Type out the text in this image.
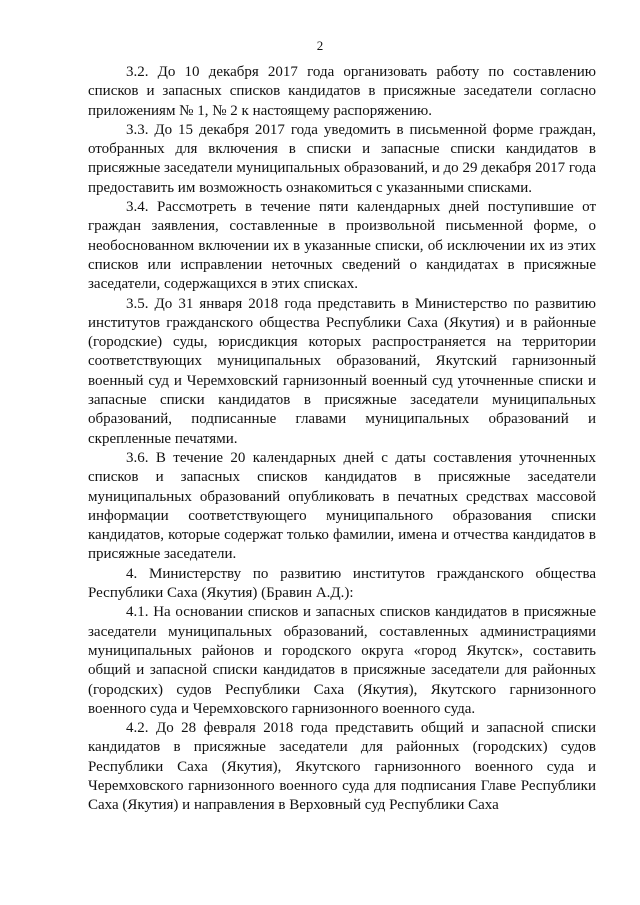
2

3.2. До 10 декабря 2017 года организовать работу по составлению списков и запасных списков кандидатов в присяжные заседатели согласно приложениям № 1, № 2 к настоящему распоряжению.

3.3. До 15 декабря 2017 года уведомить в письменной форме граждан, отобранных для включения в списки и запасные списки кандидатов в присяжные заседатели муниципальных образований, и до 29 декабря 2017 года предоставить им возможность ознакомиться с указанными списками.

3.4. Рассмотреть в течение пяти календарных дней поступившие от граждан заявления, составленные в произвольной письменной форме, о необоснованном включении их в указанные списки, об исключении их из этих списков или исправлении неточных сведений о кандидатах в присяжные заседатели, содержащихся в этих списках.

3.5. До 31 января 2018 года представить в Министерство по развитию институтов гражданского общества Республики Саха (Якутия) и в районные (городские) суды, юрисдикция которых распространяется на территории соответствующих муниципальных образований, Якутский гарнизонный военный суд и Черемховский гарнизонный военный суд уточненные списки и запасные списки кандидатов в присяжные заседатели муниципальных образований, подписанные главами муниципальных образований и скрепленные печатями.

3.6. В течение 20 календарных дней с даты составления уточненных списков и запасных списков кандидатов в присяжные заседатели муниципальных образований опубликовать в печатных средствах массовой информации соответствующего муниципального образования списки кандидатов, которые содержат только фамилии, имена и отчества кандидатов в присяжные заседатели.

4. Министерству по развитию институтов гражданского общества Республики Саха (Якутия) (Бравин А.Д.):

4.1. На основании списков и запасных списков кандидатов в присяжные заседатели муниципальных образований, составленных администрациями муниципальных районов и городского округа «город Якутск», составить общий и запасной списки кандидатов в присяжные заседатели для районных (городских) судов Республики Саха (Якутия), Якутского гарнизонного военного суда и Черемховского гарнизонного военного суда.

4.2. До 28 февраля 2018 года представить общий и запасной списки кандидатов в присяжные заседатели для районных (городских) судов Республики Саха (Якутия), Якутского гарнизонного военного суда и Черемховского гарнизонного военного суда для подписания Главе Республики Саха (Якутия) и направления в Верховный суд Республики Саха
